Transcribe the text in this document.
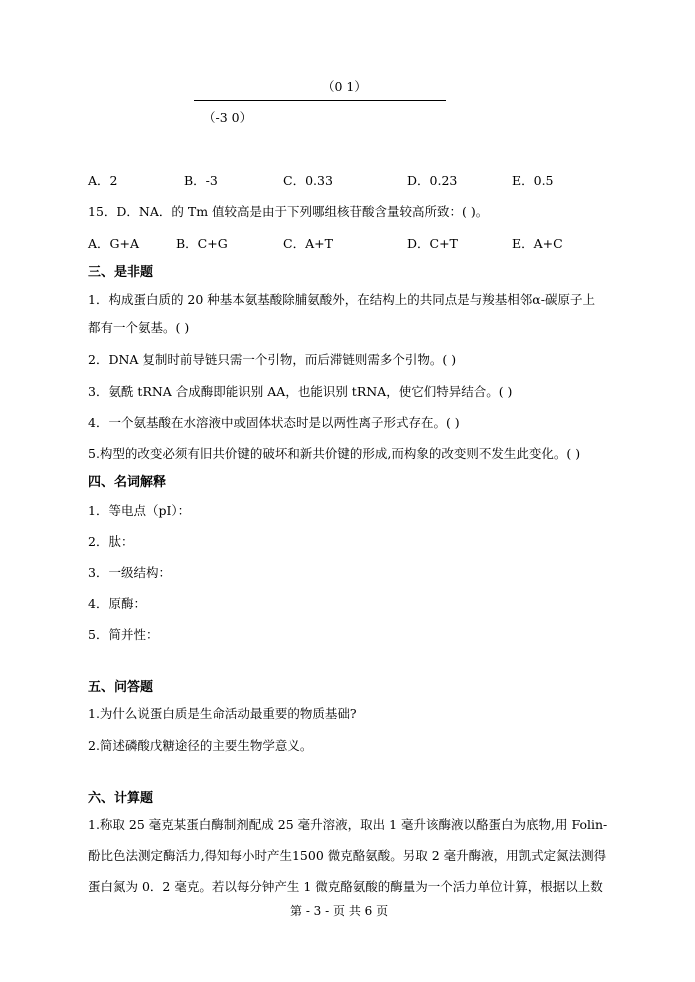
（0 1）
（-3 0）
A．2	B．-3	C．0.33	D．0.23	E．0.5
15．D．NA．的 Tm 值较高是由于下列哪组核苷酸含量较高所致：( )。
A．G+A	B．C+G	C．A+T	D．C+T	E．A+C
三、是非题
1．构成蛋白质的 20 种基本氨基酸除脯氨酸外，在结构上的共同点是与羧基相邻α-碳原子上
都有一个氨基。( )
2．DNA 复制时前导链只需一个引物，而后滞链则需多个引物。( )
3．氨酰 tRNA 合成酶即能识别 AA，也能识别 tRNA，使它们特异结合。( )
4．一个氨基酸在水溶液中或固体状态时是以两性离子形式存在。( )
5.构型的改变必须有旧共价键的破坏和新共价键的形成,而构象的改变则不发生此变化。( )
四、名词解释
1．等电点（pI）：
2．肽：
3．一级结构：
4．原酶：
5．简并性：
五、问答题
1.为什么说蛋白质是生命活动最重要的物质基础?
2.简述磷酸戊糖途径的主要生物学意义。
六、计算题
1.称取 25 毫克某蛋白酶制剂配成 25 毫升溶液，取出 1 毫升该酶液以酪蛋白为底物,用 Folin-
酚比色法测定酶活力,得知每小时产生1500 微克酪氨酸。另取 2 毫升酶液，用凯式定氮法测得
蛋白氮为 0．2 毫克。若以每分钟产生 1 微克酪氨酸的酶量为一个活力单位计算，根据以上数
第 - 3 - 页 共 6 页
